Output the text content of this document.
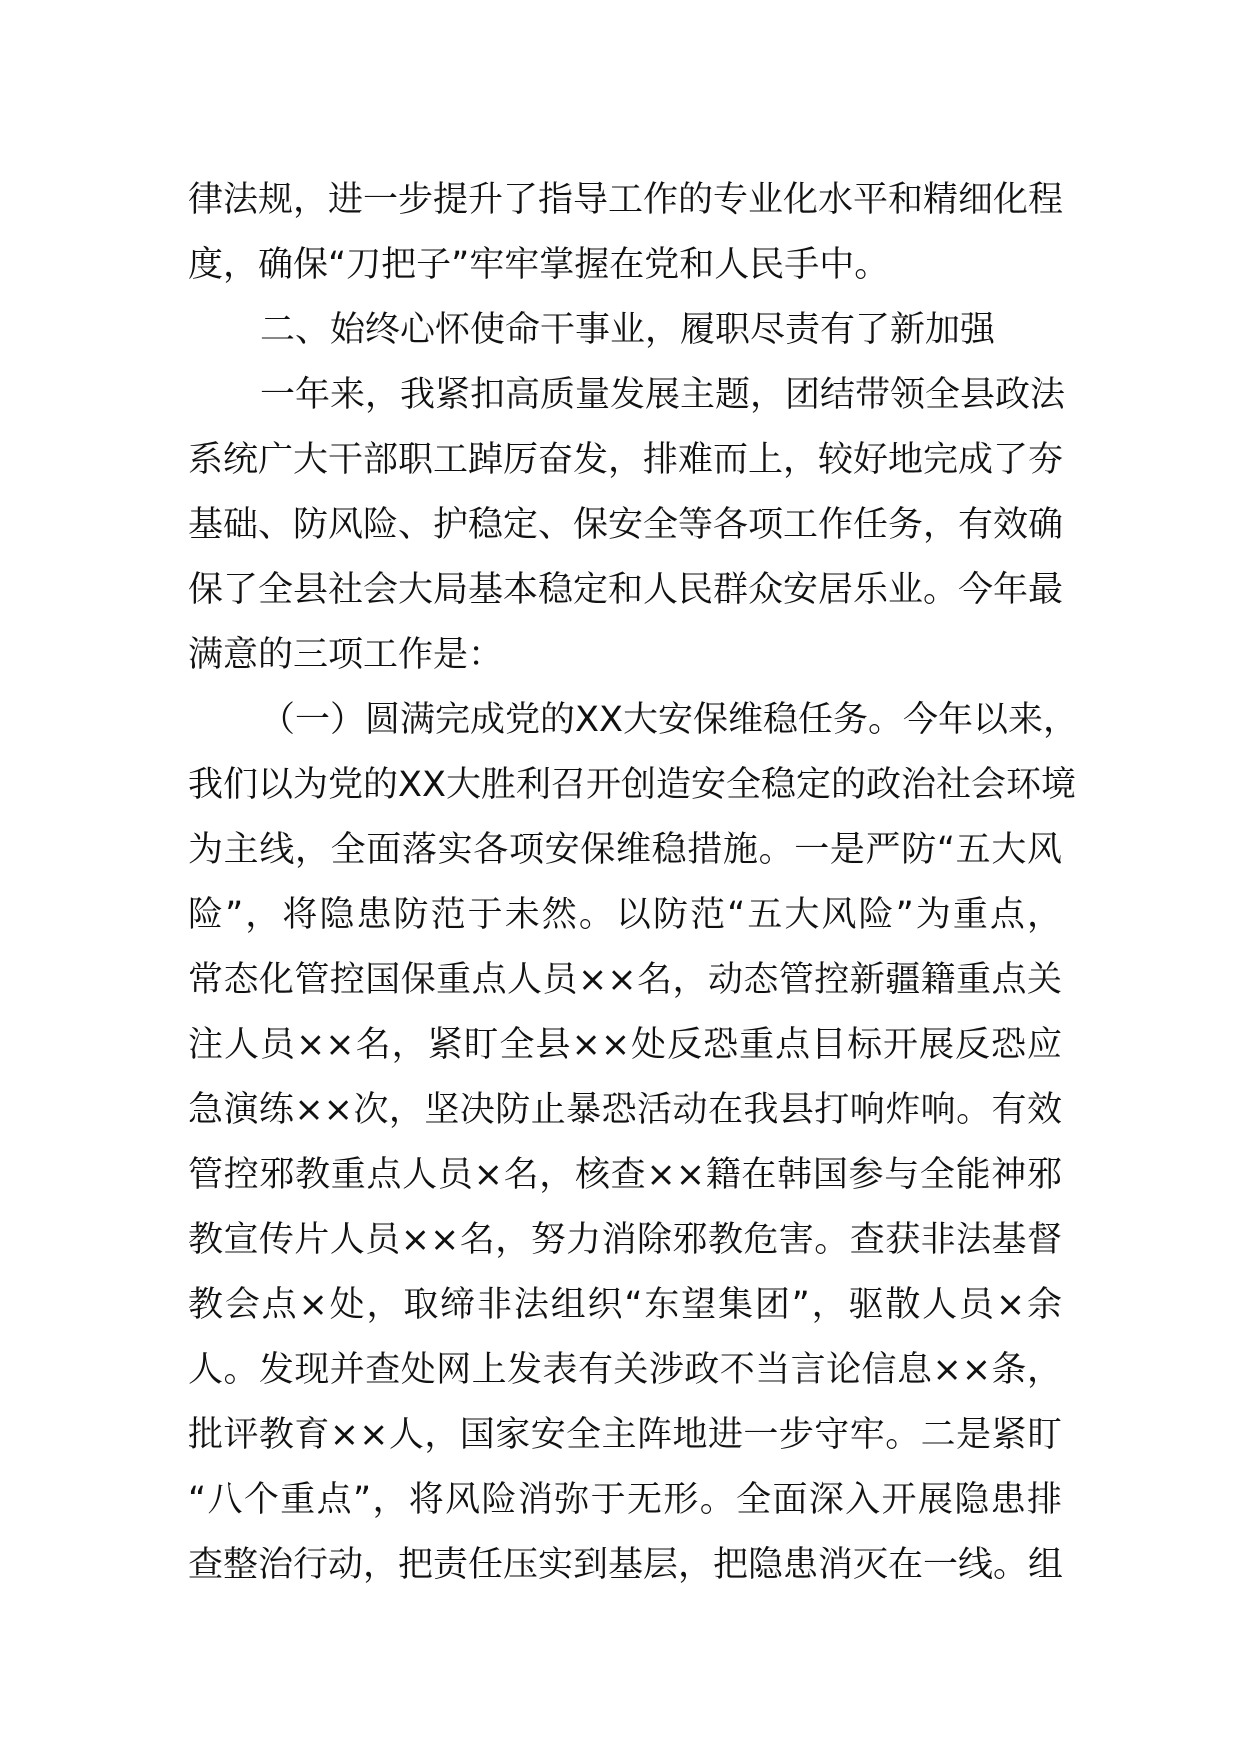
律法规，进一步提升了指导工作的专业化水平和精细化程
度，确保“刀把子”牢牢掌握在党和人民手中。
二、始终心怀使命干事业，履职尽责有了新加强
一年来，我紧扣高质量发展主题，团结带领全县政法
系统广大干部职工踔厉奋发，排难而上，较好地完成了夯
基础、防风险、护稳定、保安全等各项工作任务，有效确
保了全县社会大局基本稳定和人民群众安居乐业。今年最
满意的三项工作是：
（一）圆满完成党的XX大安保维稳任务。今年以来，
我们以为党的XX大胜利召开创造安全稳定的政治社会环境
为主线，全面落实各项安保维稳措施。一是严防“五大风
险”，将隐患防范于未然。以防范“五大风险”为重点，
常态化管控国保重点人员××名，动态管控新疆籍重点关
注人员××名，紧盯全县××处反恐重点目标开展反恐应
急演练××次，坚决防止暴恐活动在我县打响炸响。有效
管控邪教重点人员×名，核查××籍在韩国参与全能神邪
教宣传片人员××名，努力消除邪教危害。查获非法基督
教会点×处，取缔非法组织“东望集团”，驱散人员×余
人。发现并查处网上发表有关涉政不当言论信息××条，
批评教育××人，国家安全主阵地进一步守牢。二是紧盯
“八个重点”，将风险消弥于无形。全面深入开展隐患排
查整治行动，把责任压实到基层，把隐患消灭在一线。组
